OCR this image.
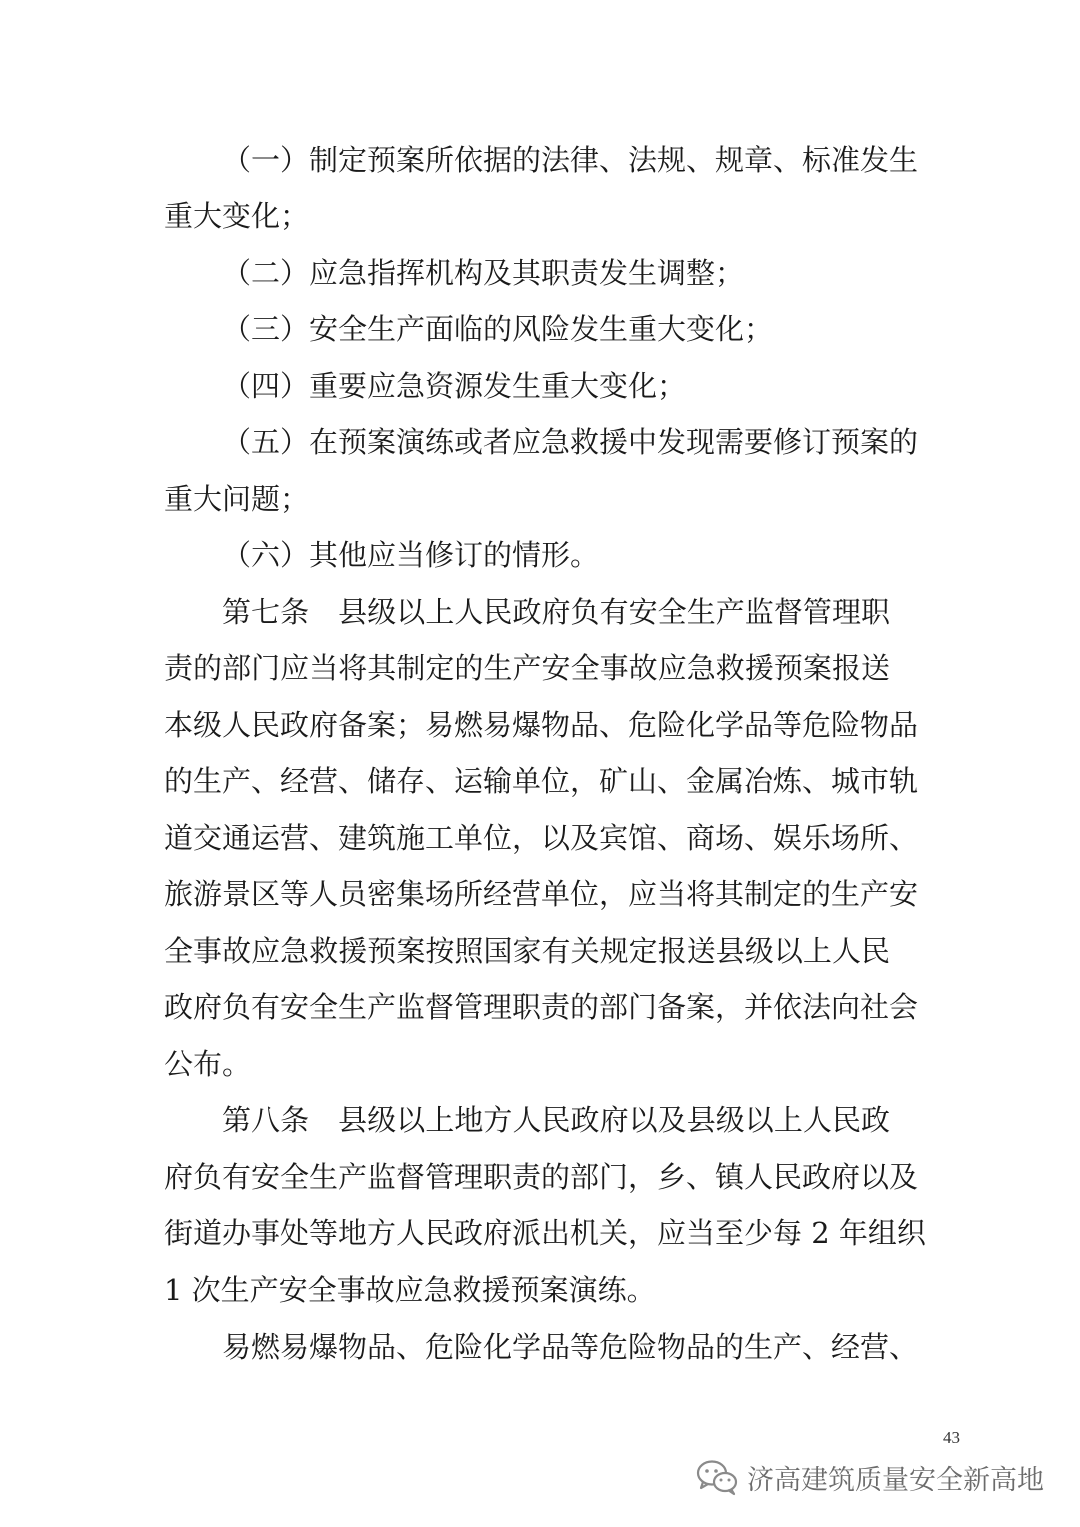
（一）制定预案所依据的法律、法规、规章、标准发生
重大变化；
（二）应急指挥机构及其职责发生调整；
（三）安全生产面临的风险发生重大变化；
（四）重要应急资源发生重大变化；
（五）在预案演练或者应急救援中发现需要修订预案的
重大问题；
（六）其他应当修订的情形。
第七条　县级以上人民政府负有安全生产监督管理职
责的部门应当将其制定的生产安全事故应急救援预案报送
本级人民政府备案；易燃易爆物品、危险化学品等危险物品
的生产、经营、储存、运输单位，矿山、金属冶炼、城市轨
道交通运营、建筑施工单位，以及宾馆、商场、娱乐场所、
旅游景区等人员密集场所经营单位，应当将其制定的生产安
全事故应急救援预案按照国家有关规定报送县级以上人民
政府负有安全生产监督管理职责的部门备案，并依法向社会
公布。
第八条　县级以上地方人民政府以及县级以上人民政
府负有安全生产监督管理职责的部门，乡、镇人民政府以及
街道办事处等地方人民政府派出机关，应当至少每 2 年组织
1 次生产安全事故应急救援预案演练。
易燃易爆物品、危险化学品等危险物品的生产、经营、
43
济高建筑质量安全新高地
